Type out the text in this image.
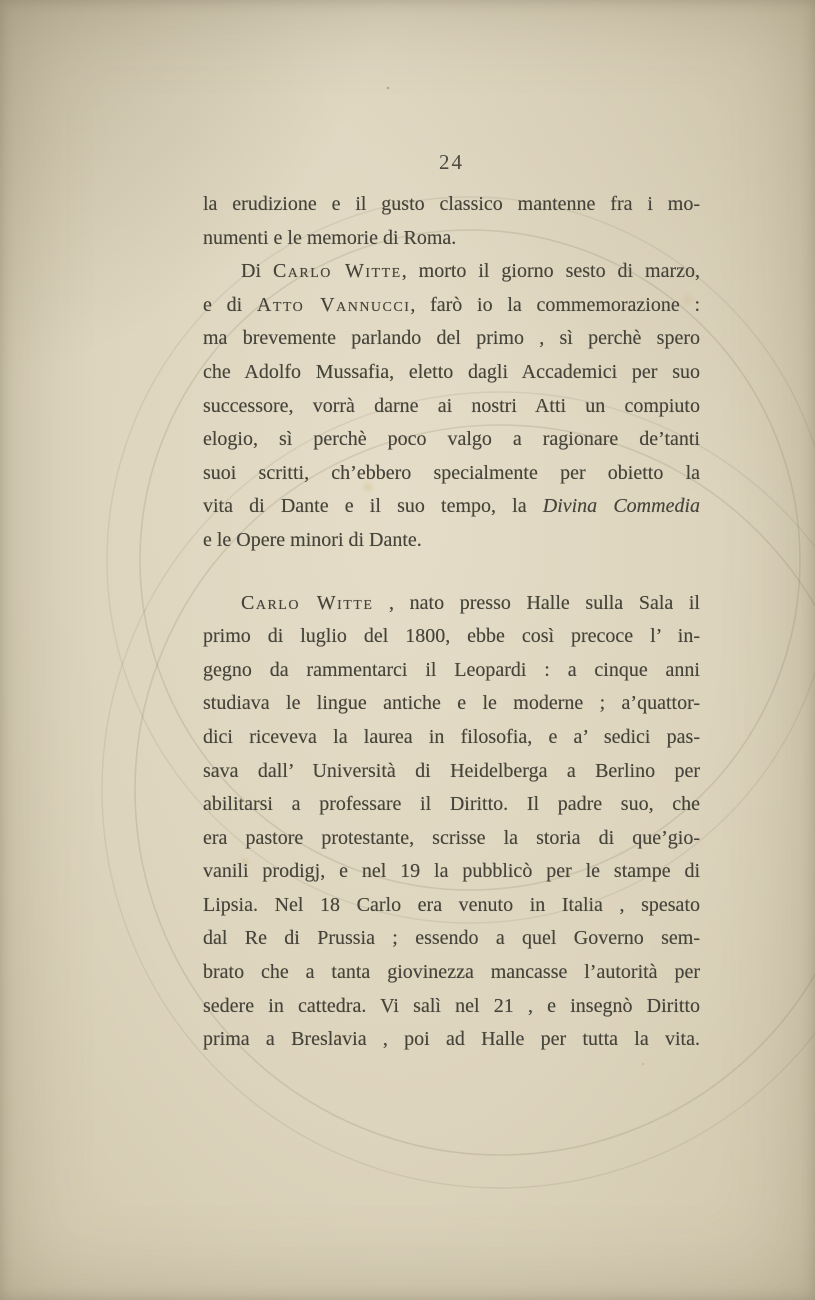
24
la erudizione e il gusto classico mantenne fra i mo-
numenti e le memorie di Roma.
Di Carlo Witte, morto il giorno sesto di marzo,
e di Atto Vannucci, farò io la commemorazione :
ma brevemente parlando del primo , sì perchè spero
che Adolfo Mussafia, eletto dagli Accademici per suo
successore, vorrà darne ai nostri Atti un compiuto
elogio, sì perchè poco valgo a ragionare de’tanti
suoi scritti, ch’ebbero specialmente per obietto la
vita di Dante e il suo tempo, la Divina Commedia
e le Opere minori di Dante.
Carlo Witte , nato presso Halle sulla Sala il
primo di luglio del 1800, ebbe così precoce l’ in-
gegno da rammentarci il Leopardi : a cinque anni
studiava le lingue antiche e le moderne ; a’quattor-
dici riceveva la laurea in filosofia, e a’ sedici pas-
sava dall’ Università di Heidelberga a Berlino per
abilitarsi a professare il Diritto. Il padre suo, che
era pastore protestante, scrisse la storia di que’gio-
vanili prodigj, e nel 19 la pubblicò per le stampe di
Lipsia. Nel 18 Carlo era venuto in Italia , spesato
dal Re di Prussia ; essendo a quel Governo sem-
brato che a tanta giovinezza mancasse l’autorità per
sedere in cattedra. Vi salì nel 21 , e insegnò Diritto
prima a Breslavia , poi ad Halle per tutta la vita.
